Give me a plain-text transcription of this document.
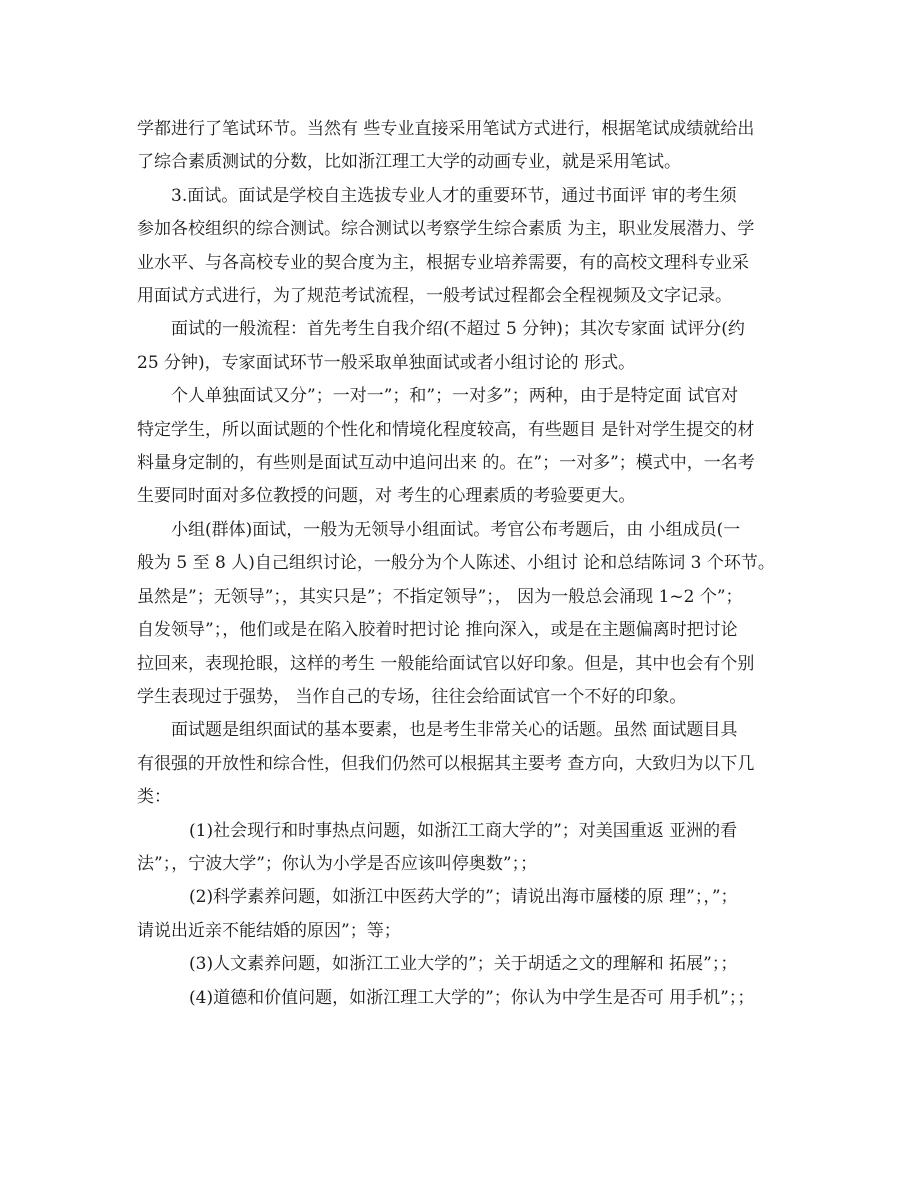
学都进行了笔试环节。当然有 些专业直接采用笔试方式进行，根据笔试成绩就给出

了综合素质测试的分数，比如浙江理工大学的动画专业，就是采用笔试。

3.面试。面试是学校自主选拔专业人才的重要环节，通过书面评 审的考生须

参加各校组织的综合测试。综合测试以考察学生综合素质 为主，职业发展潜力、学

业水平、与各高校专业的契合度为主，根据专业培养需要，有的高校文理科专业采

用面试方式进行，为了规范考试流程，一般考试过程都会全程视频及文字记录。

面试的一般流程：首先考生自我介绍(不超过 5 分钟)；其次专家面 试评分(约

25 分钟)，专家面试环节一般采取单独面试或者小组讨论的 形式。

个人单独面试又分”；一对一”；和”；一对多”；两种，由于是特定面 试官对

特定学生，所以面试题的个性化和情境化程度较高，有些题目 是针对学生提交的材

料量身定制的，有些则是面试互动中追问出来 的。在”；一对多”；模式中，一名考

生要同时面对多位教授的问题，对 考生的心理素质的考验要更大。

小组(群体)面试，一般为无领导小组面试。考官公布考题后，由 小组成员(一

般为 5 至 8 人)自己组织讨论，一般分为个人陈述、小组讨 论和总结陈词 3 个环节。

虽然是”；无领导”；，其实只是”；不指定领导”；， 因为一般总会涌现 1~2 个”；

自发领导”；，他们或是在陷入胶着时把讨论 推向深入，或是在主题偏离时把讨论

拉回来，表现抢眼，这样的考生 一般能给面试官以好印象。但是，其中也会有个别

学生表现过于强势， 当作自己的专场，往往会给面试官一个不好的印象。

面试题是组织面试的基本要素，也是考生非常关心的话题。虽然 面试题目具

有很强的开放性和综合性，但我们仍然可以根据其主要考 查方向，大致归为以下几

类：

(1)社会现行和时事热点问题，如浙江工商大学的”；对美国重返 亚洲的看

法”；，宁波大学”；你认为小学是否应该叫停奥数”；；

(2)科学素养问题，如浙江中医药大学的”；请说出海市蜃楼的原 理”；，”；

请说出近亲不能结婚的原因”；等；

(3)人文素养问题，如浙江工业大学的”；关于胡适之文的理解和 拓展”；；

(4)道德和价值问题，如浙江理工大学的”；你认为中学生是否可 用手机”；；
